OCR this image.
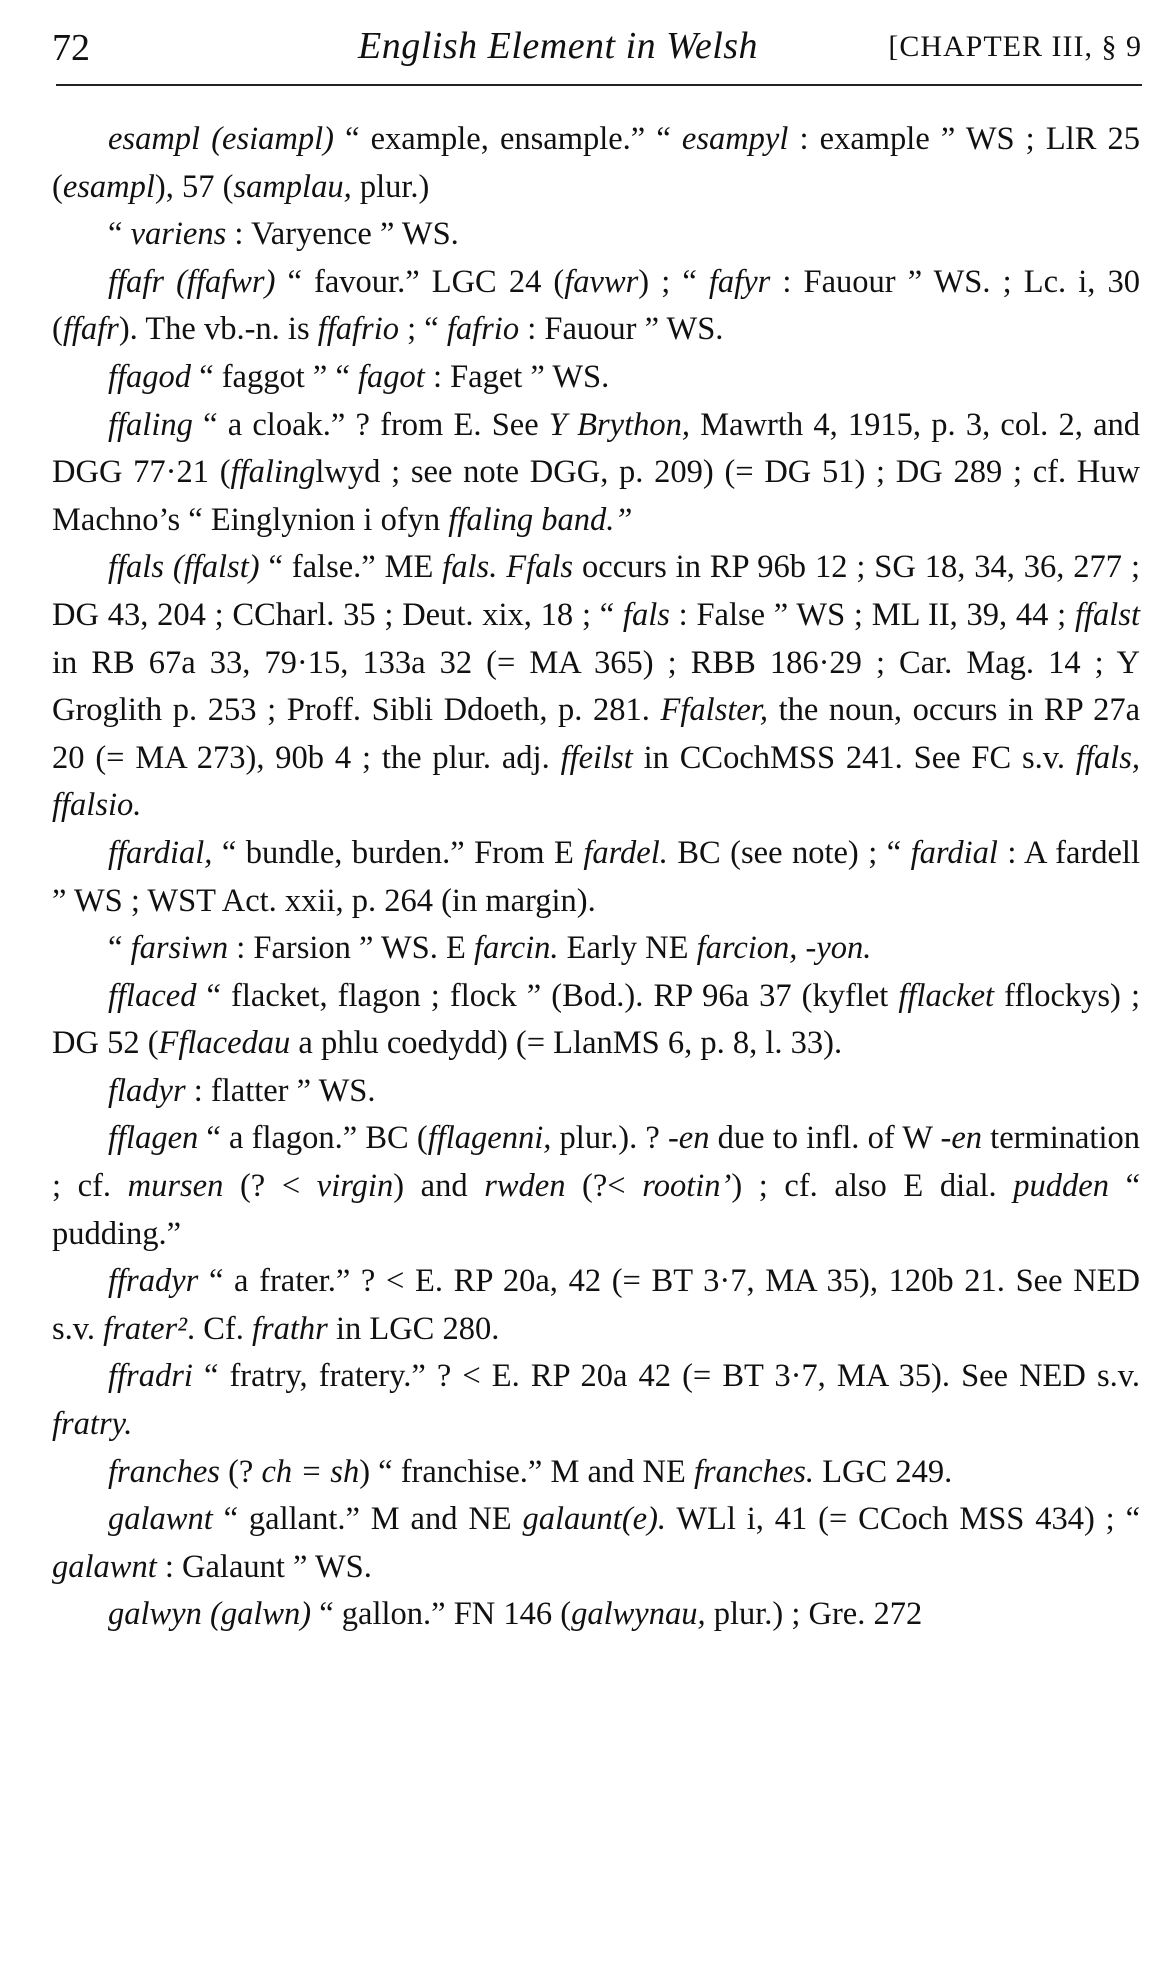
72	English Element in Welsh	[CHAPTER III, § 9

esampl (esiampl) “ example, ensample.” “ esampyl : example ” WS ; LlR 25 (esampl), 57 (samplau, plur.)

“ variens : Varyence ” WS.

ffafr (ffafwr) “ favour.” LGC 24 (favwr) ; “ fafyr : Fauour ” WS. ; Lc. i, 30 (ffafr). The vb.-n. is ffafrio ; “ fafrio : Fauour ” WS.

ffagod “ faggot ” “ fagot : Faget ” WS.

ffaling “ a cloak.” ? from E. See Y Brython, Mawrth 4, 1915, p. 3, col. 2, and DGG 77·21 (ffalinglwyd ; see note DGG, p. 209) (= DG 51) ; DG 289 ; cf. Huw Machno’s “ Einglynion i ofyn ffaling band.”

ffals (ffalst) “ false.” ME fals. Ffals occurs in RP 96b 12 ; SG 18, 34, 36, 277 ; DG 43, 204 ; CCharl. 35 ; Deut. xix, 18 ; “ fals : False ” WS ; ML II, 39, 44 ; ffalst in RB 67a 33, 79·15, 133a 32 (= MA 365) ; RBB 186·29 ; Car. Mag. 14 ; Y Groglith p. 253 ; Proff. Sibli Ddoeth, p. 281. Ffalster, the noun, occurs in RP 27a 20 (= MA 273), 90b 4 ; the plur. adj. ffeilst in CCochMSS 241. See FC s.v. ffals, ffalsio.

ffardial, “ bundle, burden.” From E fardel. BC (see note) ; “ fardial : A fardell ” WS ; WST Act. xxii, p. 264 (in margin).

“ farsiwn : Farsion ” WS. E farcin. Early NE farcion, -yon.

fflaced “ flacket, flagon ; flock ” (Bod.). RP 96a 37 (kyflet fflacket fflockys) ; DG 52 (Fflacedau a phlu coedydd) (= LlanMS 6, p. 8, l. 33).

fladyr : flatter ” WS.

fflagen “ a flagon.” BC (fflagenni, plur.). ? -en due to infl. of W -en termination ; cf. mursen (? < virgin) and rwden (?< rootin’) ; cf. also E dial. pudden “ pudding.”

ffradyr “ a frater.” ? < E. RP 20a, 42 (= BT 3·7, MA 35), 120b 21. See NED s.v. frater². Cf. frathr in LGC 280.

ffradri “ fratry, fratery.” ? < E. RP 20a 42 (= BT 3·7, MA 35). See NED s.v. fratry.

franches (? ch = sh) “ franchise.” M and NE franches. LGC 249.

galawnt “ gallant.” M and NE galaunt(e). WLl i, 41 (= CCoch MSS 434) ; “ galawnt : Galaunt ” WS.

galwyn (galwn) “ gallon.” FN 146 (galwynau, plur.) ; Gre. 272
